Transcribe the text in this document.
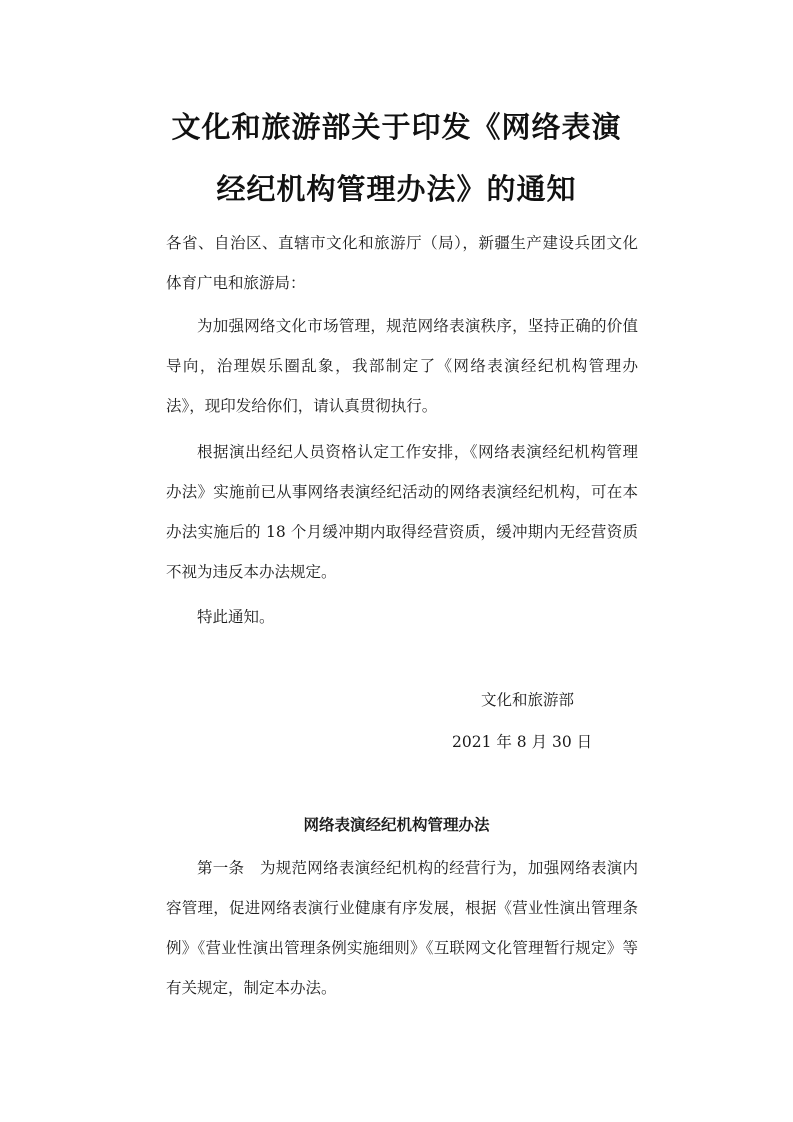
文化和旅游部关于印发《网络表演
经纪机构管理办法》的通知

各省、自治区、直辖市文化和旅游厅（局），新疆生产建设兵团文化体育广电和旅游局：

为加强网络文化市场管理，规范网络表演秩序，坚持正确的价值导向，治理娱乐圈乱象，我部制定了《网络表演经纪机构管理办法》，现印发给你们，请认真贯彻执行。

根据演出经纪人员资格认定工作安排，《网络表演经纪机构管理办法》实施前已从事网络表演经纪活动的网络表演经纪机构，可在本办法实施后的 18 个月缓冲期内取得经营资质，缓冲期内无经营资质不视为违反本办法规定。

特此通知。

文化和旅游部
2021 年 8 月 30 日
网络表演经纪机构管理办法

第一条　为规范网络表演经纪机构的经营行为，加强网络表演内容管理，促进网络表演行业健康有序发展，根据《营业性演出管理条例》《营业性演出管理条例实施细则》《互联网文化管理暂行规定》等有关规定，制定本办法。
